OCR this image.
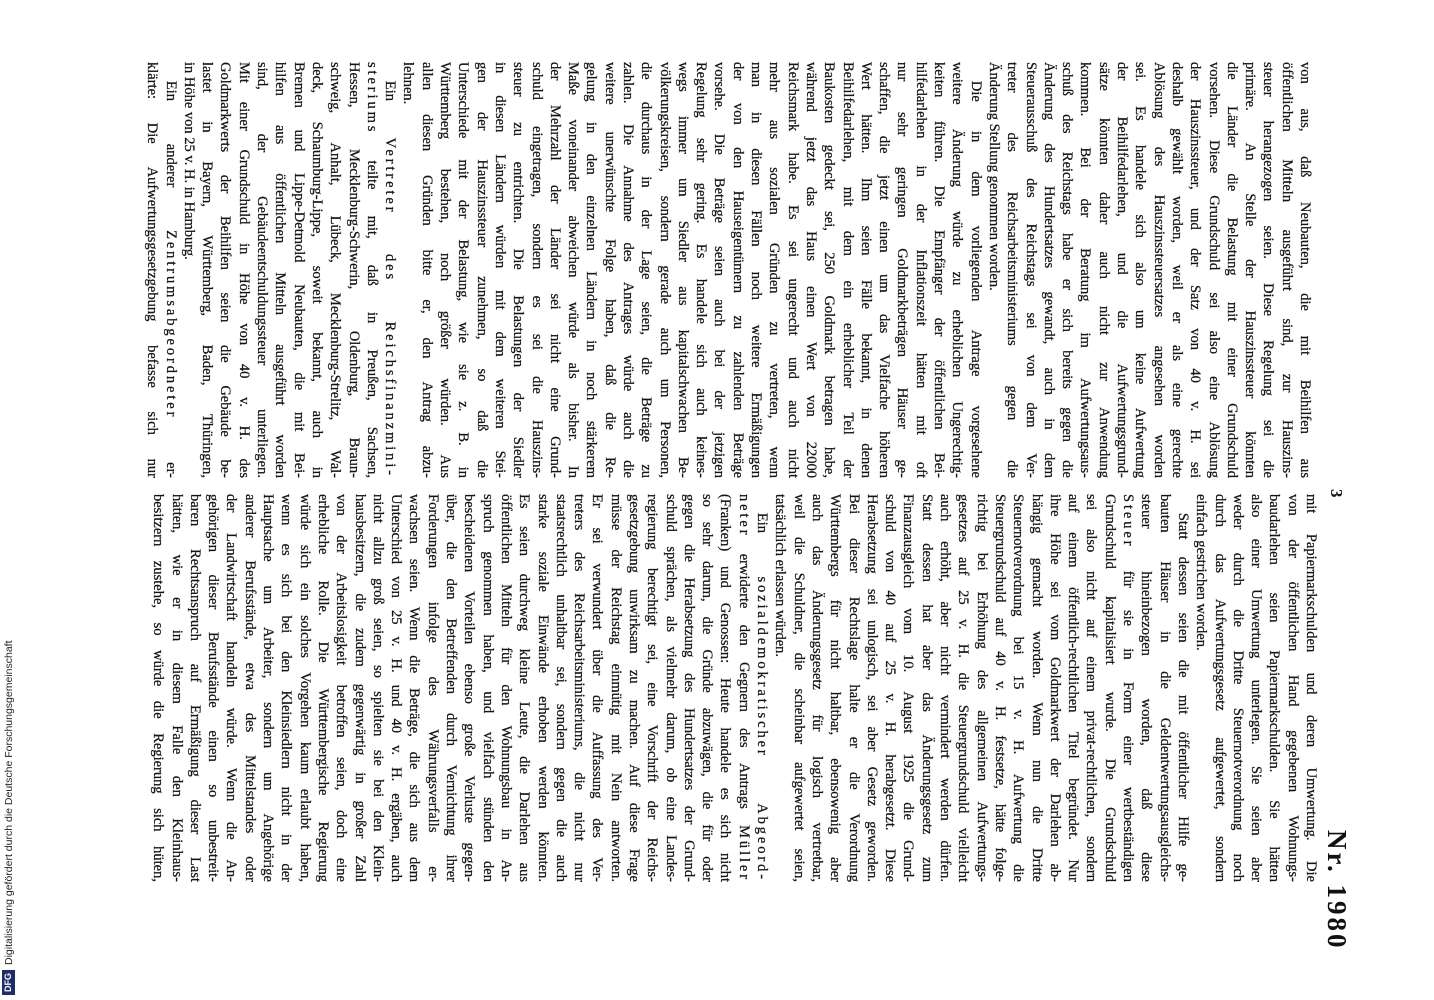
3
Nr. 1980
von aus, daß Neubauten, die mit Beihilfen aus
öffentlichen Mitteln ausgeführt sind, zur Hauszins-
steuer herangezogen seien. Diese Regelung sei die
primäre. An Stelle der Hauszinssteuer könnten
die Länder die Belastung mit einer Grundschuld
vorsehen. Diese Grundschuld sei also eine Ablösung
der Hauszinssteuer, und der Satz von 40 v. H. sei
deshalb gewählt worden, weil er als eine gerechte
Ablösung des Hauszinssteuersatzes angesehen worden
sei. Es handele sich also um keine Aufwertung
der Beihilfedarlehen, und die Aufwertungsgrund-
sätze könnten daher auch nicht zur Anwendung
kommen. Bei der Beratung im Aufwertungsaus-
schuß des Reichstags habe er sich bereits gegen die
Änderung des Hundertsatzes gewandt, auch in dem
Steuerausschuß des Reichstags sei von dem Ver-
treter des Reichsarbeitsministeriums gegen die
Änderung Stellung genommen worden.
Die in dem vorliegenden Antrage vorgesehene
weitere Änderung würde zu erheblichen Ungerechtig-
keiten führen. Die Empfänger der öffentlichen Bei-
hilfedarlehen in der Inflationszeit hätten mit oft
nur sehr geringen Goldmarkbeträgen Häuser ge-
schaffen, die jetzt einen um das Vielfache höheren
Wert hätten. Ihm seien Fälle bekannt, in denen
Beihilfedarlehen, mit dem ein erheblicher Teil der
Baukosten gedeckt sei, 250 Goldmark betragen habe,
während jetzt das Haus einen Wert von 22000
Reichsmark habe. Es sei ungerecht und auch nicht
mehr aus sozialen Gründen zu vertreten, wenn
man in diesen Fällen noch weitere Ermäßigungen
der von den Hauseigentümern zu zahlenden Beträge
vorsehe. Die Beträge seien auch bei der jetzigen
Regelung sehr gering. Es handele sich auch keines-
wegs immer um Siedler aus kapitalschwachen Be-
völkerungskreisen, sondern gerade auch um Personen,
die durchaus in der Lage seien, die Beträge zu
zahlen. Die Annahme des Antrages würde auch die
weitere unerwünschte Folge haben, daß die Re-
gelung in den einzelnen Ländern in noch stärkerem
Maße voneinander abweichen würde als bisher. In
der Mehrzahl der Länder sei nicht eine Grund-
schuld eingetragen, sondern es sei die Hauszins-
steuer zu entrichten. Die Belastungen der Siedler
in diesen Ländern würden mit dem weiteren Stei-
gen der Hauszinssteuer zunehmen, so daß die
Unterschiede mit der Belastung, wie sie z. B. in
Württemberg bestehen, noch größer würden. Aus
allen diesen Gründen bitte er, den Antrag abzu-
lehnen.
Ein Vertreter des Reichsfinanzmini-
steriums teilte mit, daß in Preußen, Sachsen,
Hessen, Mecklenburg-Schwerin, Oldenburg, Braun-
schweig, Anhalt, Lübeck, Mecklenburg-Strelitz, Wal-
deck, Schaumburg-Lippe, soweit bekannt, auch in
Bremen und Lippe-Detmold Neubauten, die mit Bei-
hilfen aus öffentlichen Mitteln ausgeführt worden
sind, der Gebäudeentschuldungssteuer unterliegen.
Mit einer Grundschuld in Höhe von 40 v. H. des
Goldmarkwerts der Beihilfen seien die Gebäude be-
lastet in Bayern, Württemberg, Baden, Thüringen,
in Höhe von 25 v. H. in Hamburg.
Ein anderer Zentrumsabgeordneter er-
klärte: Die Aufwertungsgesetzgebung befasse sich nur
mit Papiermarkschulden und deren Umwertung. Die
von der öffentlichen Hand gegebenen Wohnungs-
baudarlehen seien Papiermarkschulden. Sie hätten
also einer Umwertung unterlegen. Sie seien aber
weder durch die Dritte Steuernotverordnung noch
durch das Aufwertungsgesetz aufgewertet, sondern
einfach gestrichen worden.
Statt dessen seien die mit öffentlicher Hilfe ge-
bauten Häuser in die Geldentwertungsausgleichs-
steuer hineinbezogen worden, daß diese
Steuer für sie in Form einer wertbeständigen
Grundschuld kapitalisiert wurde. Die Grundschuld
sei also nicht auf einem privat-rechtlichen, sondern
auf einem öffentlich-rechtlichen Titel begründet. Nur
ihre Höhe sei vom Goldmarkwert der Darlehen ab-
hängig gemacht worden. Wenn nun die Dritte
Steuernotverordnung bei 15 v. H. Aufwertung die
Steuergrundschuld auf 40 v. H. festsetze, hätte folge-
richtig bei Erhöhung des allgemeinen Aufwertungs-
gesetzes auf 25 v. H. die Steuergrundschuld vielleicht
auch erhöht, aber nicht vermindert werden dürfen.
Statt dessen hat aber das Änderungsgesetz zum
Finanzausgleich vom 10. August 1925 die Grund-
schuld von 40 auf 25 v. H. herabgesetzt. Diese
Herabsetzung sei unlogisch, sei aber Gesetz geworden.
Bei dieser Rechtslage halte er die Verordnung
Württembergs für nicht haltbar, ebensowenig aber
auch das Änderungsgesetz für logisch vertretbar,
weil die Schuldner, die scheinbar aufgewertet seien,
tatsächlich erlassen würden.
Ein sozialdemokratischer Abgeord-
neter erwiderte den Gegnern des Antrags Müller
(Franken) und Genossen: Heute handele es sich nicht
so sehr darum, die Gründe abzuwägen, die für oder
gegen die Herabsetzung des Hundertsatzes der Grund-
schuld sprächen, als vielmehr darum, ob eine Landes-
regierung berechtigt sei, eine Vorschrift der Reichs-
gesetzgebung unwirksam zu machen. Auf diese Frage
müsse der Reichstag einmütig mit Nein antworten.
Er sei verwundert über die Auffassung des Ver-
treters des Reichsarbeitsministeriums, die nicht nur
staatsrechtlich unhaltbar sei, sondern gegen die auch
starke soziale Einwände erhoben werden könnten.
Es seien durchweg kleine Leute, die Darlehen aus
öffentlichen Mitteln für den Wohnungsbau in An-
spruch genommen haben, und vielfach stünden den
bescheidenen Vorteilen ebenso große Verluste gegen-
über, die den Betreffenden durch Vernichtung ihrer
Forderungen infolge des Währungsverfalls er-
wachsen seien. Wenn die Beträge, die sich aus dem
Unterschied von 25 v. H. und 40 v. H. ergäben, auch
nicht allzu groß seien, so spielten sie bei den Klein-
hausbesitzern, die zudem gegenwärtig in großer Zahl
von der Arbeitslosigkeit betroffen seien, doch eine
erhebliche Rolle. Die Württembergische Regierung
würde sich ein solches Vorgehen kaum erlaubt haben,
wenn es sich bei den Kleinsiedlern nicht in der
Hauptsache um Arbeiter, sondern um Angehörige
anderer Berufsstände, etwa des Mittelstandes oder
der Landwirtschaft handeln würde. Wenn die An-
gehörigen dieser Berufsstände einen so unbestreit-
baren Rechtsanspruch auf Ermäßigung dieser Last
hätten, wie er in diesem Falle den Kleinhaus-
besitzern zustehe, so würde die Regierung sich hüten,
DFG
Digitalisierung gefördert durch die Deutsche Forschungsgemeinschaft
